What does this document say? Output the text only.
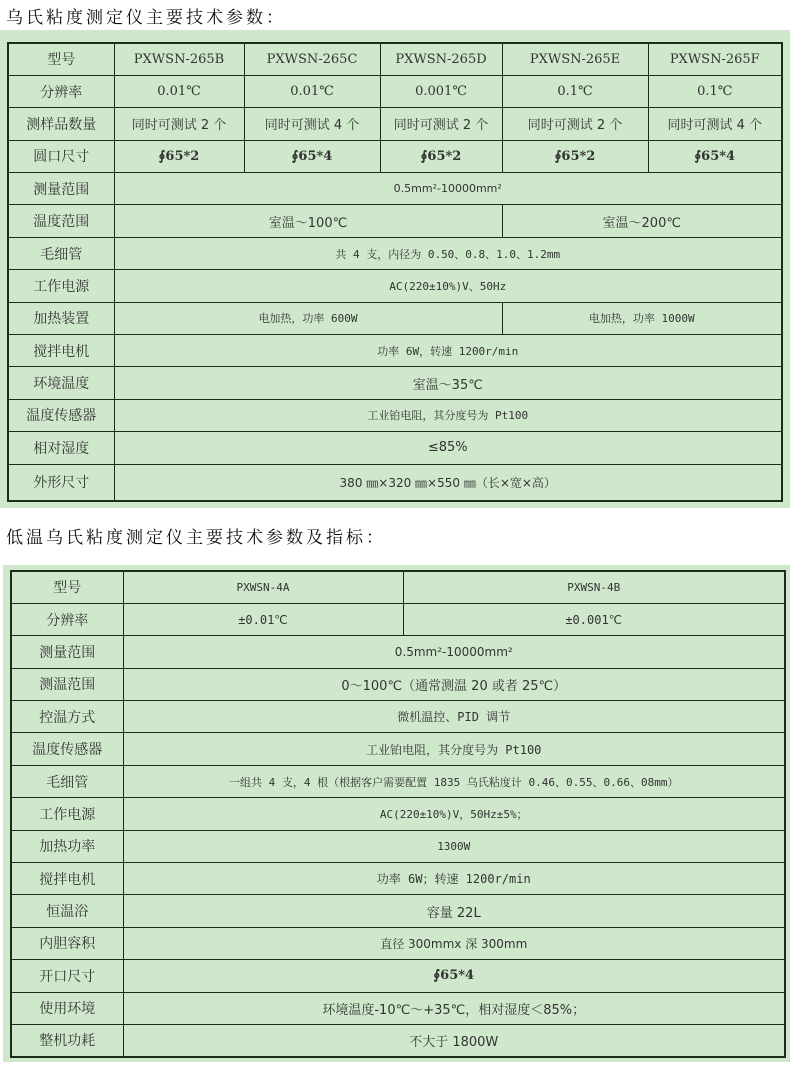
乌氏粘度测定仪主要技术参数：
型号	PXWSN-265B	PXWSN-265C	PXWSN-265D	PXWSN-265E	PXWSN-265F
分辨率	0.01℃	0.01℃	0.001℃	0.1℃	0.1℃
测样品数量	同时可测试 2 个	同时可测试 4 个	同时可测试 2 个	同时可测试 2 个	同时可测试 4 个
圆口尺寸	∮65*2	∮65*4	∮65*2	∮65*2	∮65*4
测量范围	0.5mm²-10000mm²				
温度范围	室温～100℃			室温～200℃	
毛细管	共 4 支，内径为 0.50、0.8、1.0、1.2mm				
工作电源	AC(220±10%)V、50Hz				
加热装置	电加热，功率 600W			电加热，功率 1000W	
搅拌电机	功率 6W，转速 1200r/min				
环境温度	室温～35℃				
温度传感器	工业铂电阻，其分度号为 Pt100				
相对湿度	≤85%				
外形尺寸	380 ㎜×320 ㎜×550 ㎜（长×宽×高）				
低温乌氏粘度测定仪主要技术参数及指标：
型号	PXWSN-4A	PXWSN-4B
分辨率	±0.01℃	±0.001℃
测量范围	0.5mm²-10000mm²	
测温范围	0～100℃（通常测温 20 或者 25℃）	
控温方式	微机温控、PID 调节	
温度传感器	工业铂电阻，其分度号为 Pt100	
毛细管	一组共 4 支，4 根（根据客户需要配置 1835 乌氏粘度计 0.46、0.55、0.66、08mm）	
工作电源	AC(220±10%)V，50Hz±5%；	
加热功率	1300W	
搅拌电机	功率 6W；转速 1200r/min	
恒温浴	容量 22L	
内胆容积	直径 300mmx 深 300mm	
开口尺寸	∮65*4	
使用环境	环境温度-10℃～+35℃，相对湿度＜85%；	
整机功耗	不大于 1800W	
